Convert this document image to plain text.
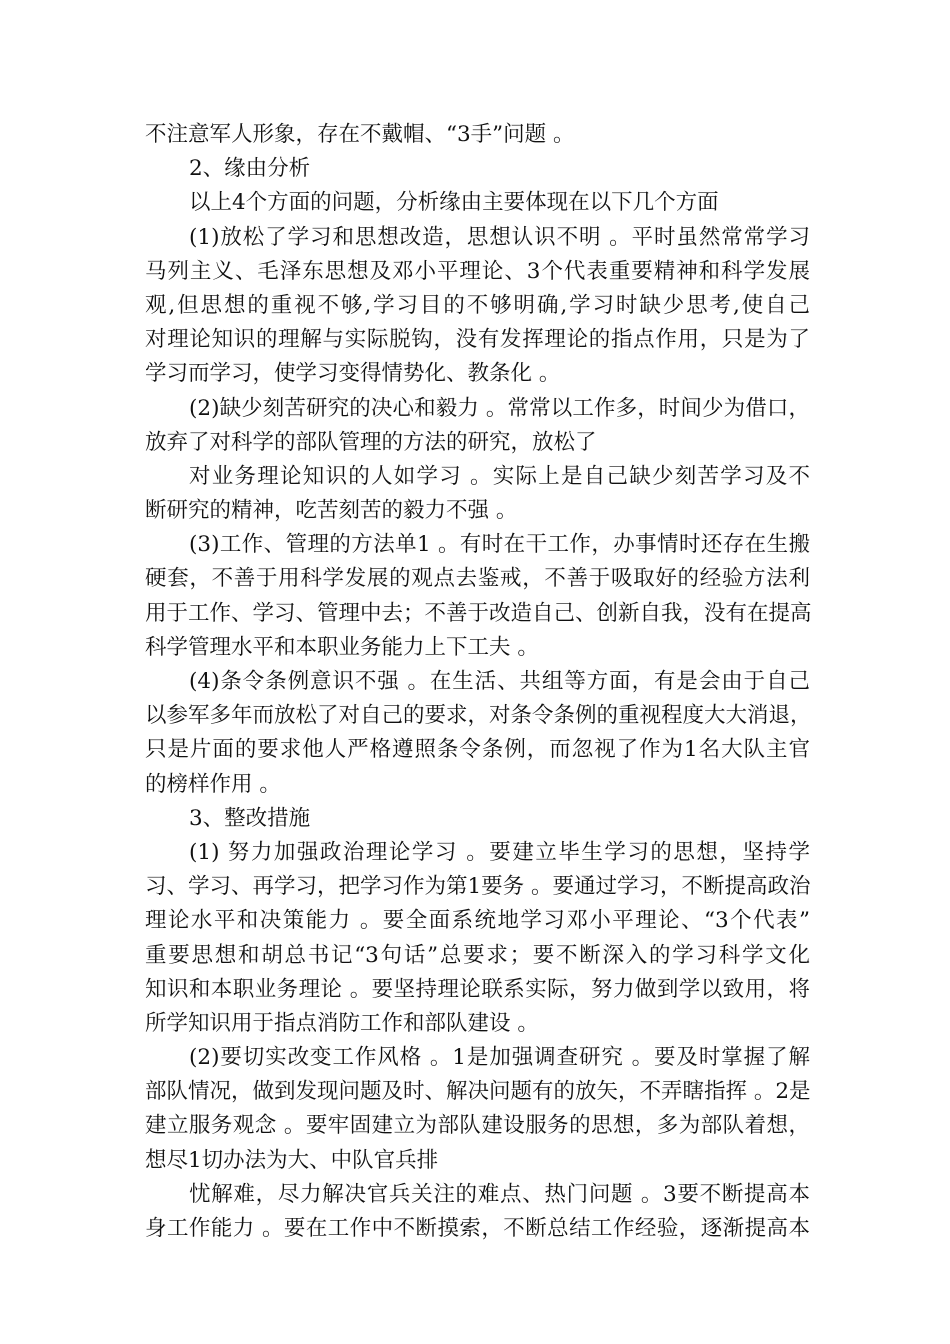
不注意军人形象，存在不戴帽、“3手”问题 。
2、缘由分析
以上4个方面的问题，分析缘由主要体现在以下几个方面
(1)放松了学习和思想改造，思想认识不明 。平时虽然常常学习
马列主义、毛泽东思想及邓小平理论、3个代表重要精神和科学发展
观,但思想的重视不够,学习目的不够明确,学习时缺少思考,使自己
对理论知识的理解与实际脱钩，没有发挥理论的指点作用，只是为了
学习而学习，使学习变得情势化、教条化 。
(2)缺少刻苦研究的决心和毅力 。常常以工作多，时间少为借口，
放弃了对科学的部队管理的方法的研究，放松了
对业务理论知识的人如学习 。实际上是自己缺少刻苦学习及不
断研究的精神，吃苦刻苦的毅力不强 。
(3)工作、管理的方法单1 。有时在干工作，办事情时还存在生搬
硬套，不善于用科学发展的观点去鉴戒，不善于吸取好的经验方法利
用于工作、学习、管理中去；不善于改造自己、创新自我，没有在提高
科学管理水平和本职业务能力上下工夫 。
(4)条令条例意识不强 。在生活、共组等方面，有是会由于自己
以参军多年而放松了对自己的要求，对条令条例的重视程度大大消退，
只是片面的要求他人严格遵照条令条例，而忽视了作为1名大队主官
的榜样作用 。
3、整改措施
(1) 努力加强政治理论学习 。要建立毕生学习的思想，坚持学
习、学习、再学习，把学习作为第1要务 。要通过学习，不断提高政治
理论水平和决策能力 。要全面系统地学习邓小平理论、“3个代表”
重要思想和胡总书记“3句话”总要求；要不断深入的学习科学文化
知识和本职业务理论 。要坚持理论联系实际，努力做到学以致用，将
所学知识用于指点消防工作和部队建设 。
(2)要切实改变工作风格 。1是加强调查研究 。要及时掌握了解
部队情况，做到发现问题及时、解决问题有的放矢，不弄瞎指挥 。2是
建立服务观念 。要牢固建立为部队建设服务的思想，多为部队着想，
想尽1切办法为大、中队官兵排
忧解难，尽力解决官兵关注的难点、热门问题 。3要不断提高本
身工作能力 。要在工作中不断摸索，不断总结工作经验，逐渐提高本
